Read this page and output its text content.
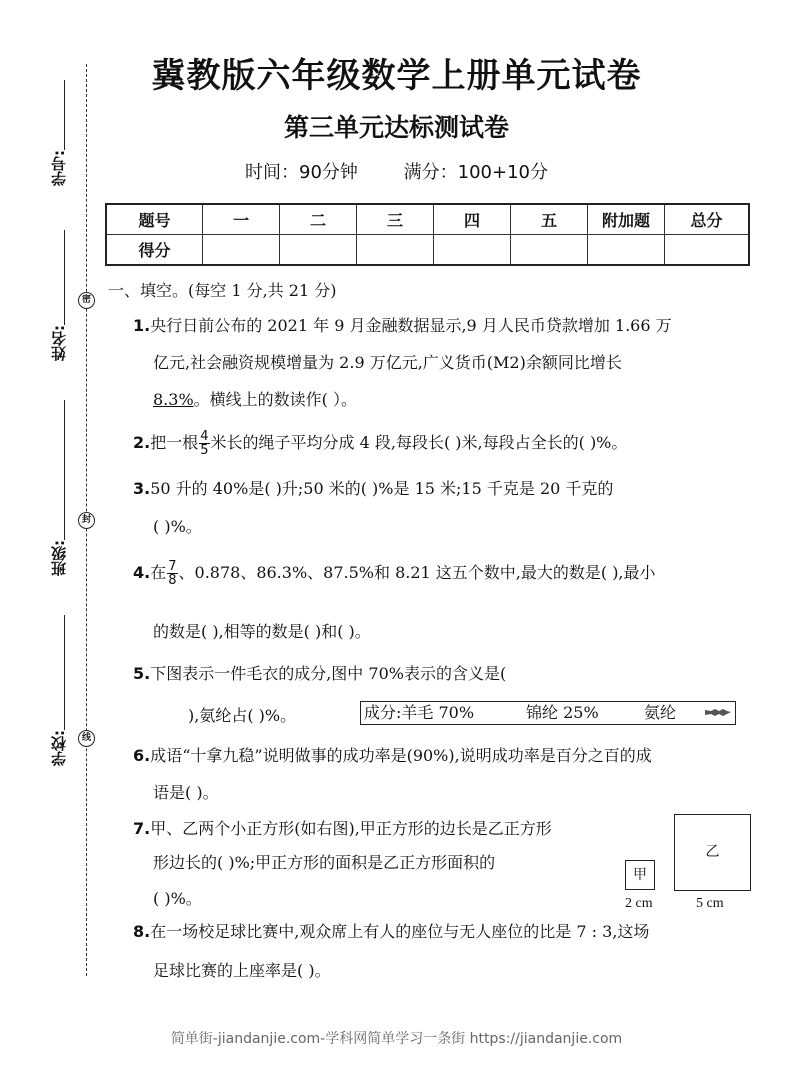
密
封
线
学号:
姓名:
班级:
学校:
冀教版六年级数学上册单元试卷
第三单元达标测试卷
时间：90分钟	满分：100+10分
题号	一	二	三	四	五	附加题	总分
得分							
一、填空。(每空 1 分,共 21 分)
1.央行日前公布的 2021 年 9 月金融数据显示,9 月人民币贷款增加 1.66 万
亿元,社会融资规模增量为 2.9 万亿元,广义货币(M2)余额同比增长
8.3%。横线上的数读作( ）。
2.把一根 $\frac{4}{5}$ 米长的绳子平均分成 4 段,每段长( )米,每段占全长的( )%。
3.50 升的 40%是( )升;50 米的( )%是 15 米;15 千克是 20 千克的
( )%。
4.在 $\frac{7}{8}$ 、0.878、86.3%、87.5%和 8.21 这五个数中,最大的数是( ),最小
的数是( ),相等的数是( )和( )。
5.下图表示一件毛衣的成分,图中 70%表示的含义是(
),氨纶占( )%。	成分:羊毛 70%	锦纶 25%	氨纶
6.成语“十拿九稳”说明做事的成功率是(90%),说明成功率是百分之百的成
语是( )。
7.甲、乙两个小正方形(如右图),甲正方形的边长是乙正方形
形边长的( )%;甲正方形的面积是乙正方形面积的
( )%。
甲
2 cm
乙
5 cm
8.在一场校足球比赛中,观众席上有人的座位与无人座位的比是 7 : 3,这场
足球比赛的上座率是( )。
简单街-jiandanjie.com-学科网简单学习一条街 https://jiandanjie.com
